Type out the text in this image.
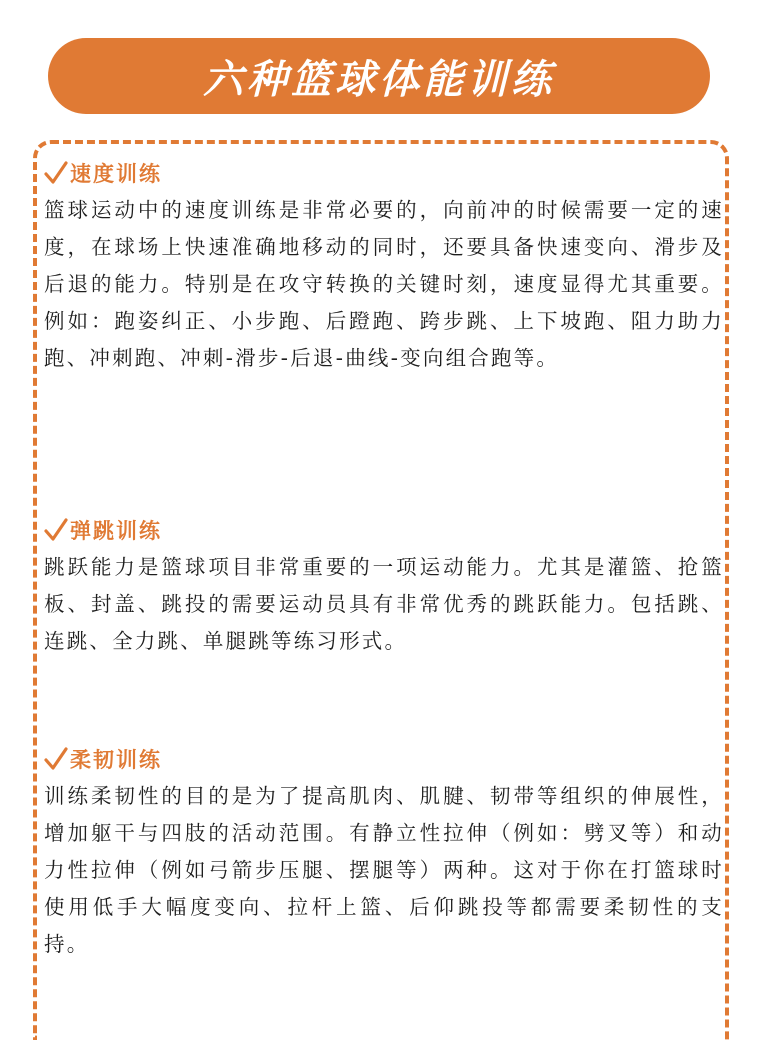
六种篮球体能训练
速度训练

篮球运动中的速度训练是非常必要的，向前冲的时候需要一定的速度，在球场上快速准确地移动的同时，还要具备快速变向、滑步及后退的能力。特别是在攻守转换的关键时刻，速度显得尤其重要。例如：跑姿纠正、小步跑、后蹬跑、跨步跳、上下坡跑、阻力助力跑、冲刺跑、冲刺-滑步-后退-曲线-变向组合跑等。

弹跳训练

跳跃能力是篮球项目非常重要的一项运动能力。尤其是灌篮、抢篮板、封盖、跳投的需要运动员具有非常优秀的跳跃能力。包括跳、连跳、全力跳、单腿跳等练习形式。

柔韧训练

训练柔韧性的目的是为了提高肌肉、肌腱、韧带等组织的伸展性，增加躯干与四肢的活动范围。有静立性拉伸（例如：劈叉等）和动力性拉伸（例如弓箭步压腿、摆腿等）两种。这对于你在打篮球时使用低手大幅度变向、拉杆上篮、后仰跳投等都需要柔韧性的支持。
